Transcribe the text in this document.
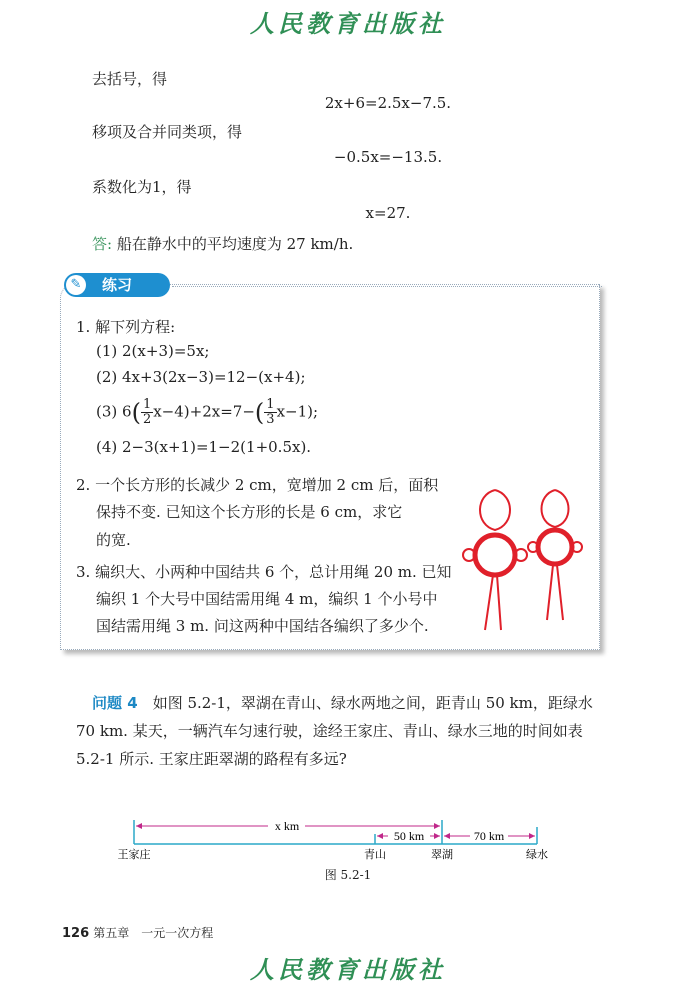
人民教育出版社
去括号，得
2x+6=2.5x−7.5.
移项及合并同类项，得
−0.5x=−13.5.
系数化为1，得
x=27.
答: 船在静水中的平均速度为 27 km/h.
✎	练习
1. 解下列方程:
(1) 2(x+3)=5x;
(2) 4x+3(2x−3)=12−(x+4);
(3) $6( \frac{1}{2} x-4)+2x=7-( \frac{1}{3} x-1)$;
(4) 2−3(x+1)=1−2(1+0.5x).
2. 一个长方形的长减少 2 cm，宽增加 2 cm 后，面积
保持不变. 已知这个长方形的长是 6 cm，求它
的宽.
3. 编织大、小两种中国结共 6 个，总计用绳 20 m. 已知
编织 1 个大号中国结需用绳 4 m，编织 1 个小号中
国结需用绳 3 m. 问这两种中国结各编织了多少个.
问题 4　 如图 5.2-1，翠湖在青山、绿水两地之间，距青山 50 km，距绿水
70 km. 某天，一辆汽车匀速行驶，途经王家庄、青山、绿水三地的时间如表
5.2-1 所示. 王家庄距翠湖的路程有多远?
x km
50 km	70 km
王家庄	青山	翠湖	绿水
图 5.2-1
126 第五章　一元一次方程
人民教育出版社
